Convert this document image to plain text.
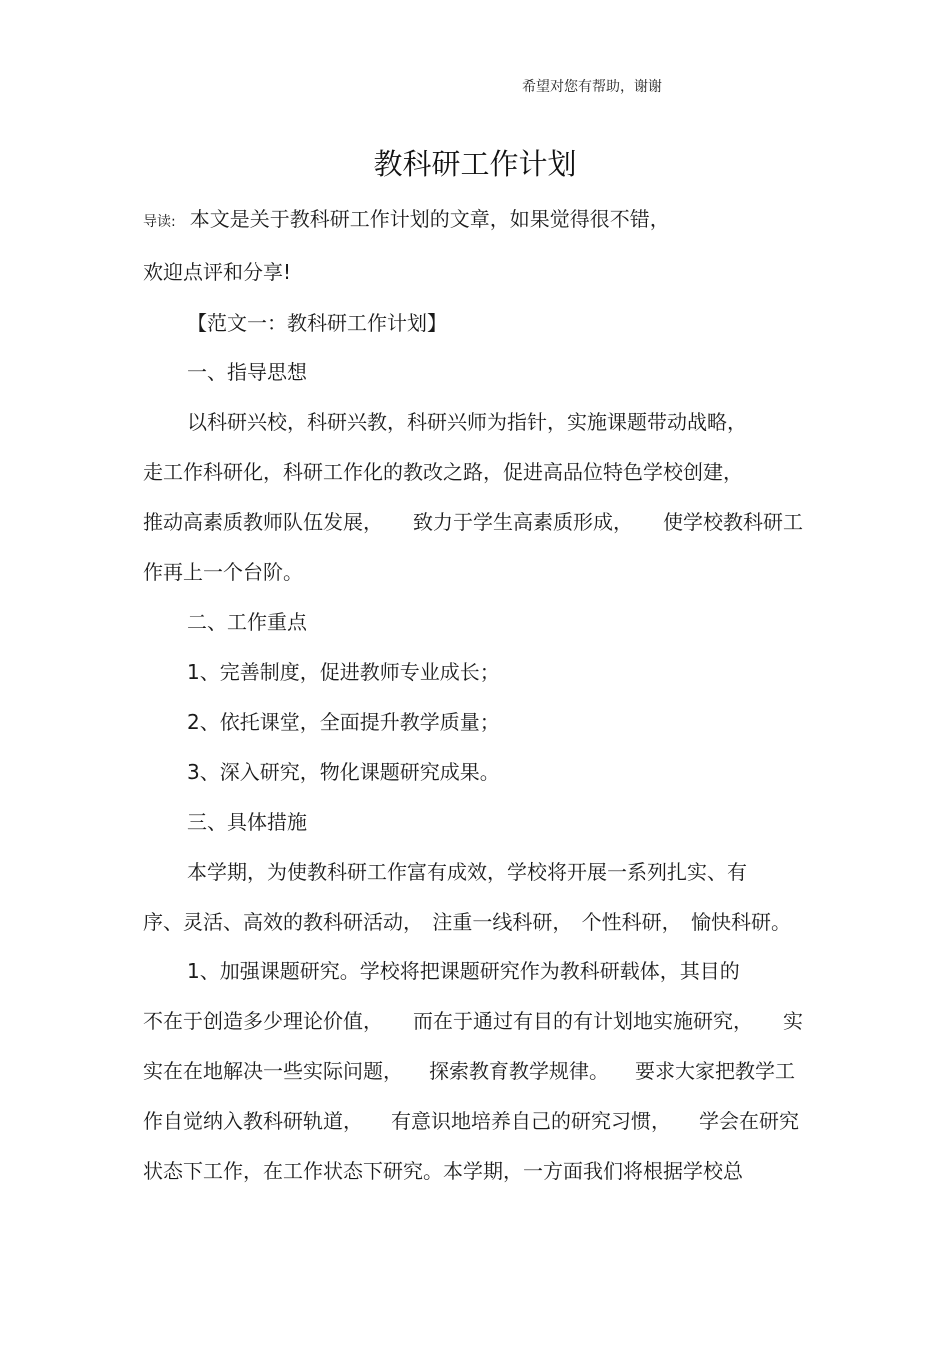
希望对您有帮助，谢谢
教科研工作计划
导读: 本文是关于教科研工作计划的文章，如果觉得很不错，
欢迎点评和分享!
【范文一：教科研工作计划】
一、指导思想
以科研兴校，科研兴教，科研兴师为指针，实施课题带动战略，
走工作科研化，科研工作化的教改之路，促进高品位特色学校创建，
推动高素质教师队伍发展， 致力于学生高素质形成， 使学校教科研工
作再上一个台阶。
二、工作重点
1、完善制度，促进教师专业成长；
2、依托课堂，全面提升教学质量；
3、深入研究，物化课题研究成果。
三、具体措施
本学期，为使教科研工作富有成效，学校将开展一系列扎实、有
序、灵活、高效的教科研活动， 注重一线科研， 个性科研， 愉快科研。
1、加强课题研究。学校将把课题研究作为教科研载体，其目的
不在于创造多少理论价值， 而在于通过有目的有计划地实施研究， 实
实在在地解决一些实际问题， 探索教育教学规律。 要求大家把教学工
作自觉纳入教科研轨道， 有意识地培养自己的研究习惯， 学会在研究
状态下工作，在工作状态下研究。本学期，一方面我们将根据学校总
